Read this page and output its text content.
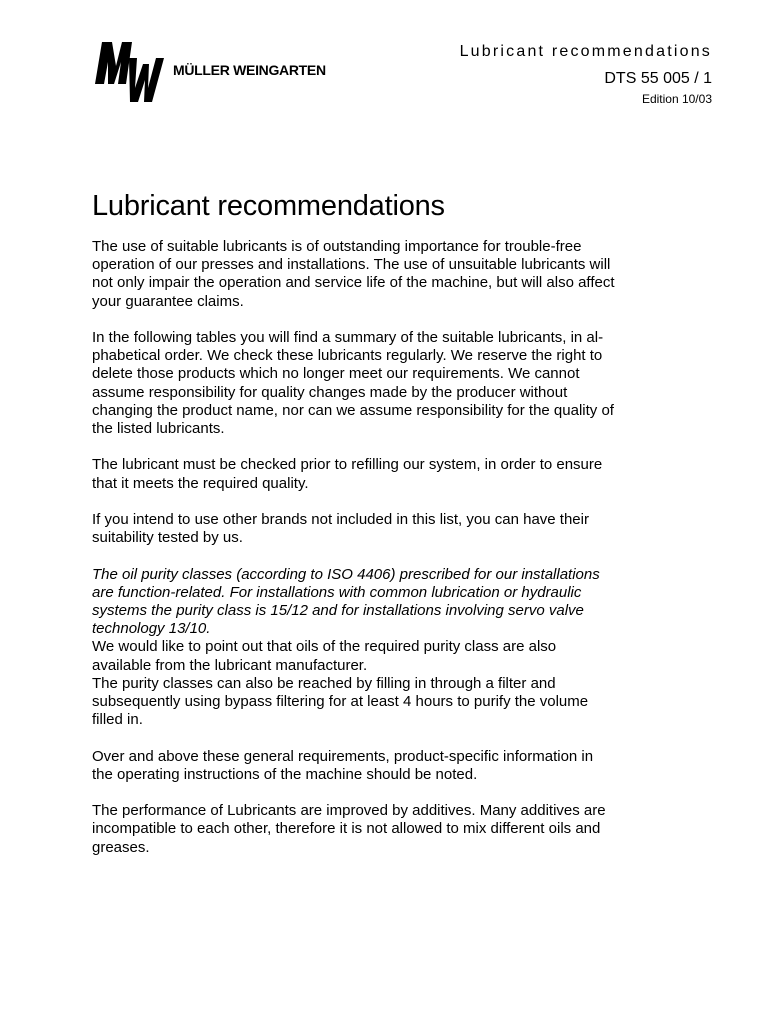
MÜLLER WEINGARTEN
Lubricant recommendations
DTS 55 005 / 1
Edition 10/03
Lubricant recommendations
The use of suitable lubricants is of outstanding importance for trouble-free
operation of our presses and installations. The use of unsuitable lubricants will
not only impair the operation and service life of the machine, but will also affect
your guarantee claims.
In the following tables you will find a summary of the suitable lubricants, in al-
phabetical order. We check these lubricants regularly. We reserve the right to
delete those products which no longer meet our requirements. We cannot
assume responsibility for quality changes made by the producer without
changing the product name, nor can we assume responsibility for the quality of
the listed lubricants.
The lubricant must be checked prior to refilling our system, in order to ensure
that it meets the required quality.
If you intend to use other brands not included in this list, you can have their
suitability tested by us.
The oil purity classes (according to ISO 4406) prescribed for our installations
are function-related. For installations with common lubrication or hydraulic
systems the purity class is 15/12 and for installations involving servo valve
technology 13/10.
We would like to point out that oils of the required purity class are also
available from the lubricant manufacturer.
The purity classes can also be reached by filling in through a filter and
subsequently using bypass filtering for at least 4 hours to purify the volume
filled in.
Over and above these general requirements, product-specific information in
the operating instructions of the machine should be noted.
The performance of Lubricants are improved by additives. Many additives are
incompatible to each other, therefore it is not allowed to mix different oils and
greases.
